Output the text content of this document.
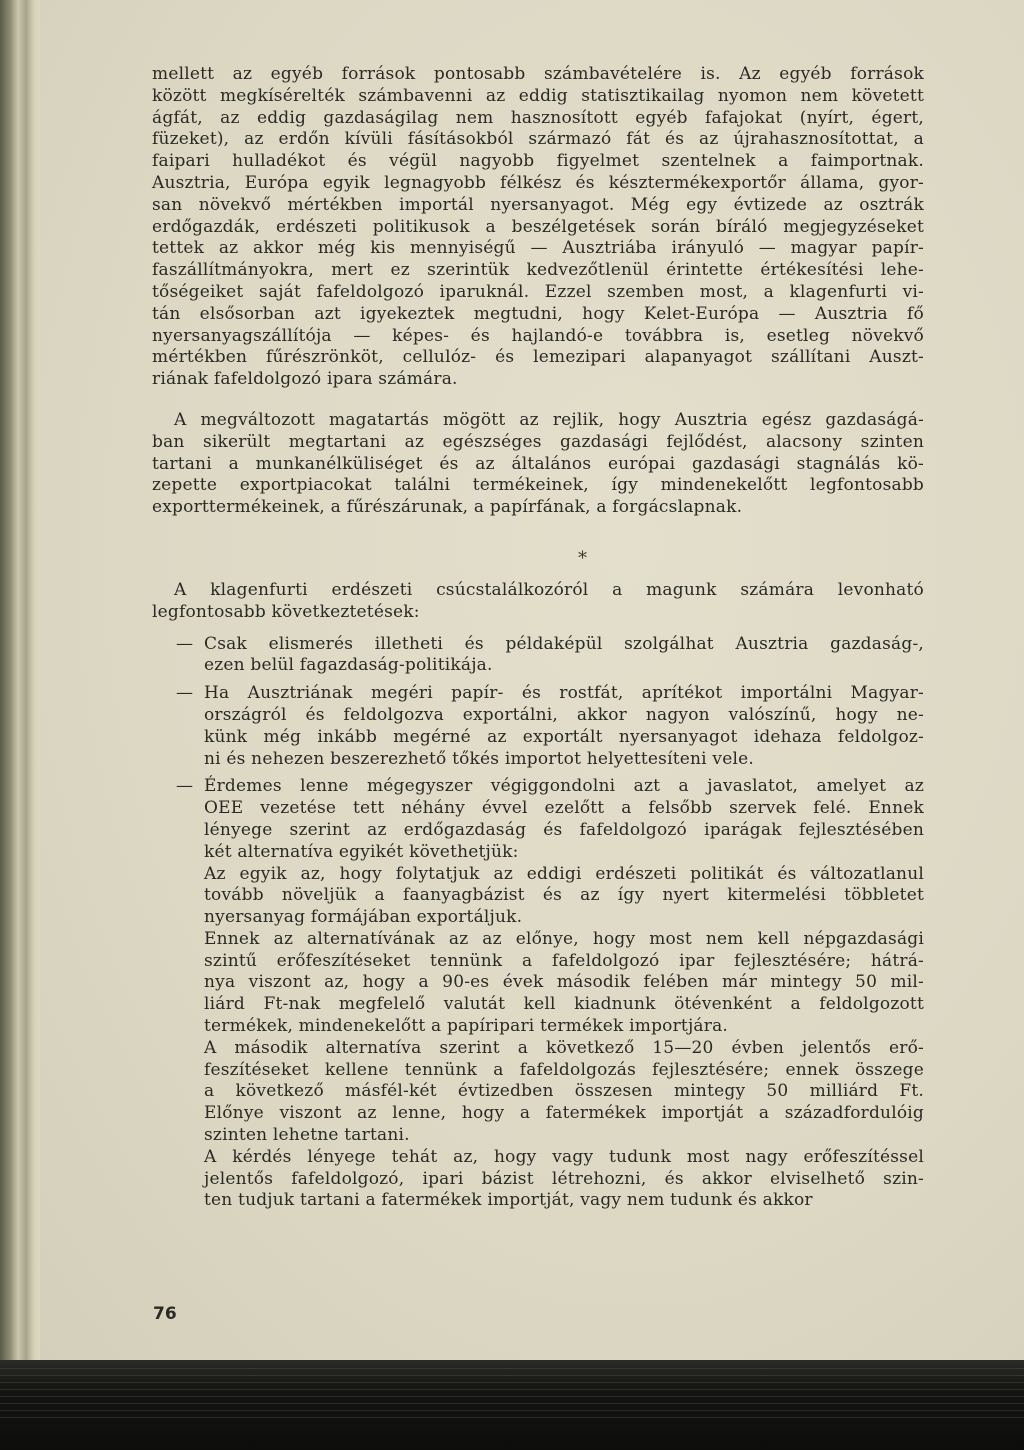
mellett az egyéb források pontosabb számbavételére is. Az egyéb források
között megkísérelték számbavenni az eddig statisztikailag nyomon nem követett
ágfát, az eddig gazdaságilag nem hasznosított egyéb fafajokat (nyírt, égert,
füzeket), az erdőn kívüli fásításokból származó fát és az újrahasznosítottat, a
faipari hulladékot és végül nagyobb figyelmet szentelnek a faimportnak.
Ausztria, Európa egyik legnagyobb félkész és késztermékexportőr állama, gyor-
san növekvő mértékben importál nyersanyagot. Még egy évtizede az osztrák
erdőgazdák, erdészeti politikusok a beszélgetések során bíráló megjegyzéseket
tettek az akkor még kis mennyiségű — Ausztriába irányuló — magyar papír-
faszállítmányokra, mert ez szerintük kedvezőtlenül érintette értékesítési lehe-
tőségeiket saját fafeldolgozó iparuknál. Ezzel szemben most, a klagenfurti vi-
tán elsősorban azt igyekeztek megtudni, hogy Kelet-Európa — Ausztria fő
nyersanyagszállítója — képes- és hajlandó-e továbbra is, esetleg növekvő
mértékben fűrészrönköt, cellulóz- és lemezipari alapanyagot szállítani Auszt-
riának fafeldolgozó ipara számára.
A megváltozott magatartás mögött az rejlik, hogy Ausztria egész gazdaságá-
ban sikerült megtartani az egészséges gazdasági fejlődést, alacsony szinten
tartani a munkanélküliséget és az általános európai gazdasági stagnálás kö-
zepette exportpiacokat találni termékeinek, így mindenekelőtt legfontosabb
exporttermékeinek, a fűrészárunak, a papírfának, a forgácslapnak.
A klagenfurti erdészeti csúcstalálkozóról a magunk számára levonható
legfontosabb következtetések:
— Csak elismerés illetheti és példaképül szolgálhat Ausztria gazdaság-,
ezen belül fagazdaság-politikája.
— Ha Ausztriának megéri papír- és rostfát, aprítékot importálni Magyar-
országról és feldolgozva exportálni, akkor nagyon valószínű, hogy ne-
künk még inkább megérné az exportált nyersanyagot idehaza feldolgoz-
ni és nehezen beszerezhető tőkés importot helyettesíteni vele.
— Érdemes lenne mégegyszer végiggondolni azt a javaslatot, amelyet az
OEE vezetése tett néhány évvel ezelőtt a felsőbb szervek felé. Ennek
lényege szerint az erdőgazdaság és fafeldolgozó iparágak fejlesztésében
két alternatíva egyikét követhetjük:
Az egyik az, hogy folytatjuk az eddigi erdészeti politikát és változatlanul
tovább növeljük a faanyagbázist és az így nyert kitermelési többletet
nyersanyag formájában exportáljuk.
Ennek az alternatívának az az előnye, hogy most nem kell népgazdasági
szintű erőfeszítéseket tennünk a fafeldolgozó ipar fejlesztésére; hátrá-
nya viszont az, hogy a 90-es évek második felében már mintegy 50 mil-
liárd Ft-nak megfelelő valutát kell kiadnunk ötévenként a feldolgozott
termékek, mindenekelőtt a papíripari termékek importjára.
A második alternatíva szerint a következő 15—20 évben jelentős erő-
feszítéseket kellene tennünk a fafeldolgozás fejlesztésére; ennek összege
a következő másfél-két évtizedben összesen mintegy 50 milliárd Ft.
Előnye viszont az lenne, hogy a fatermékek importját a századfordulóig
szinten lehetne tartani.
A kérdés lényege tehát az, hogy vagy tudunk most nagy erőfeszítéssel
jelentős fafeldolgozó, ipari bázist létrehozni, és akkor elviselhető szin-
ten tudjuk tartani a fatermékek importját, vagy nem tudunk és akkor
*
76
